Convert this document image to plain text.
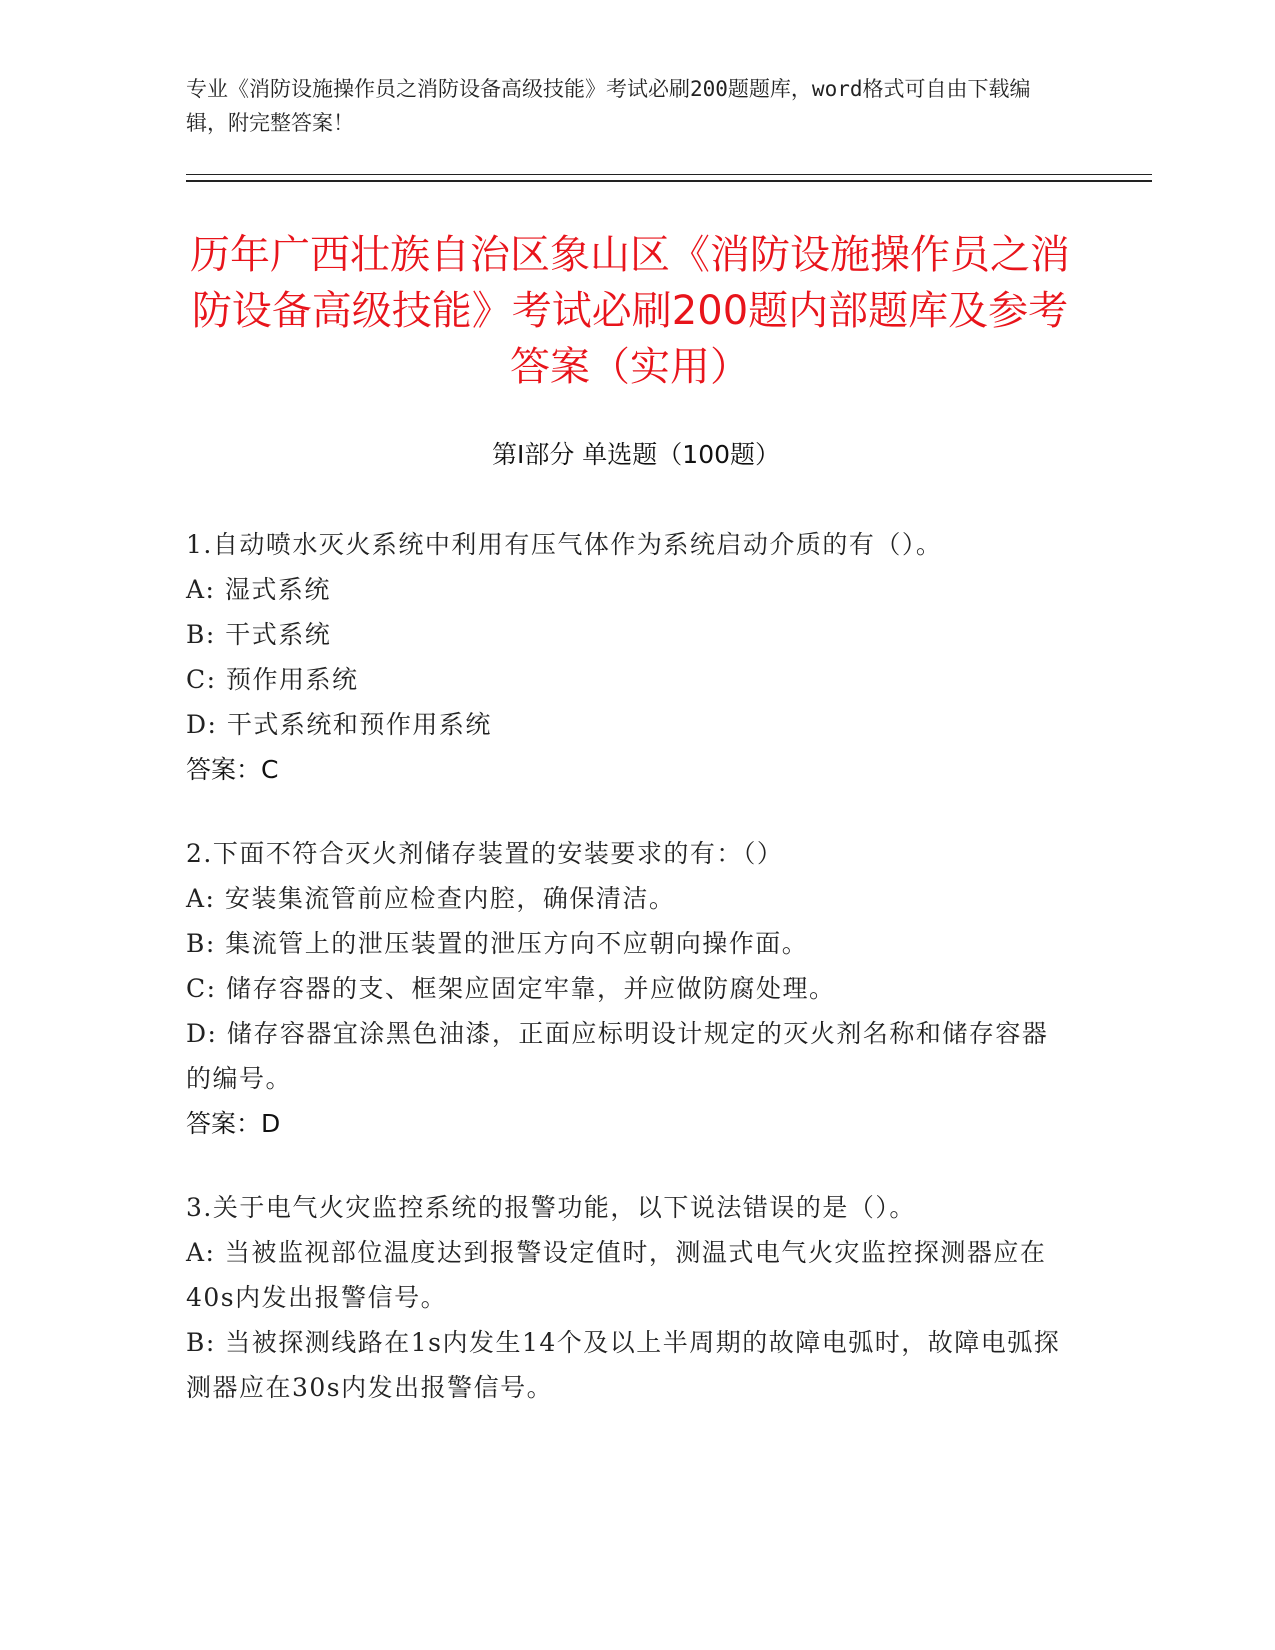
专业《消防设施操作员之消防设备高级技能》考试必刷200题题库，word格式可自由下载编辑，附完整答案！
历年广西壮族自治区象山区《消防设施操作员之消防设备高级技能》考试必刷200题内部题库及参考答案（实用）
第I部分 单选题（100题）
1.自动喷水灭火系统中利用有压气体作为系统启动介质的有（）。
A: 湿式系统
B: 干式系统
C: 预作用系统
D: 干式系统和预作用系统
答案：C
2.下面不符合灭火剂储存装置的安装要求的有：（）
A: 安装集流管前应检查内腔，确保清洁。
B: 集流管上的泄压装置的泄压方向不应朝向操作面。
C: 储存容器的支、框架应固定牢靠，并应做防腐处理。
D: 储存容器宜涂黑色油漆，正面应标明设计规定的灭火剂名称和储存容器的编号。
答案：D
3.关于电气火灾监控系统的报警功能，以下说法错误的是（）。
A: 当被监视部位温度达到报警设定值时，测温式电气火灾监控探测器应在40s内发出报警信号。
B: 当被探测线路在1s内发生14个及以上半周期的故障电弧时，故障电弧探测器应在30s内发出报警信号。
